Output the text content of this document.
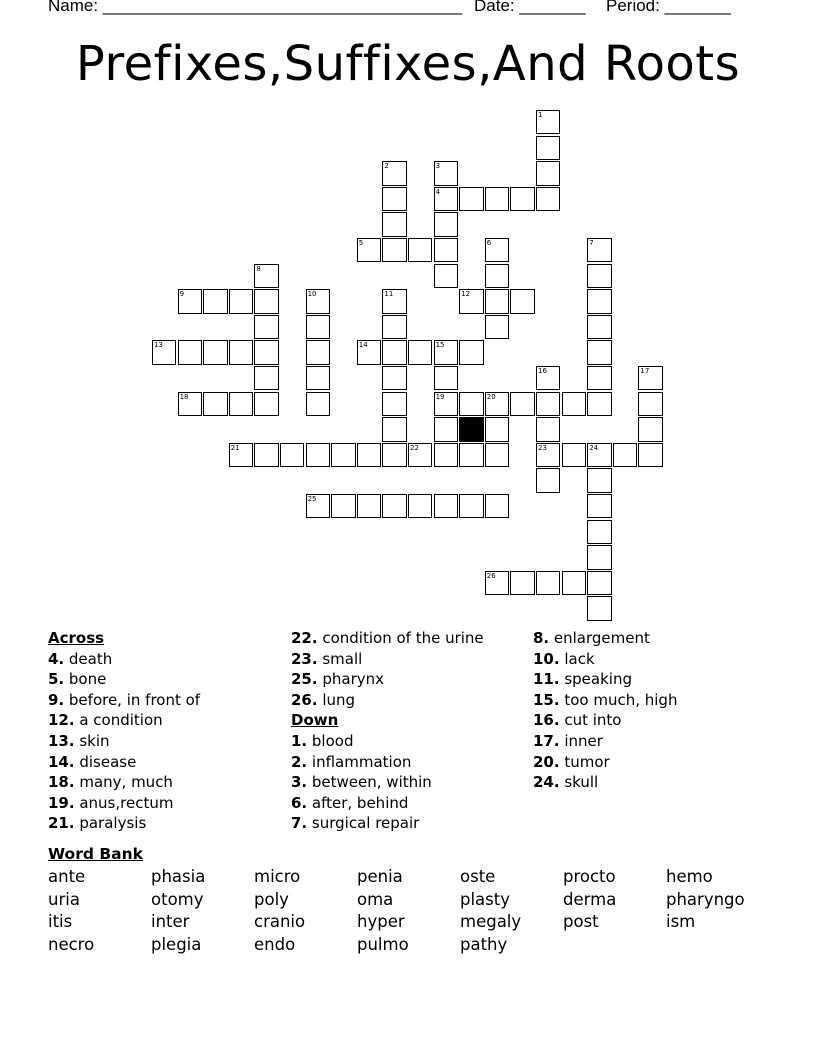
Name: ______________________________________

Date: _______

Period: _______

Prefixes,Suffixes,And Roots
1
2	3
4
5	6	7
8
9	10	11	12
13	14	15
16	17
18	19	20
21	22	23	24
25
26
Across
4. death
5. bone
9. before, in front of
12. a condition
13. skin
14. disease
18. many, much
19. anus,rectum
21. paralysis
22. condition of the urine
23. small
25. pharynx
26. lung
Down
1. blood
2. inflammation
3. between, within
6. after, behind
7. surgical repair
8. enlargement
10. lack
11. speaking
15. too much, high
16. cut into
17. inner
20. tumor
24. skull
Word Bank
ante	phasia	micro	penia	oste	procto	hemo
uria	otomy	poly	oma	plasty	derma	pharyngo
itis	inter	cranio	hyper	megaly	post	ism
necro	plegia	endo	pulmo	pathy
